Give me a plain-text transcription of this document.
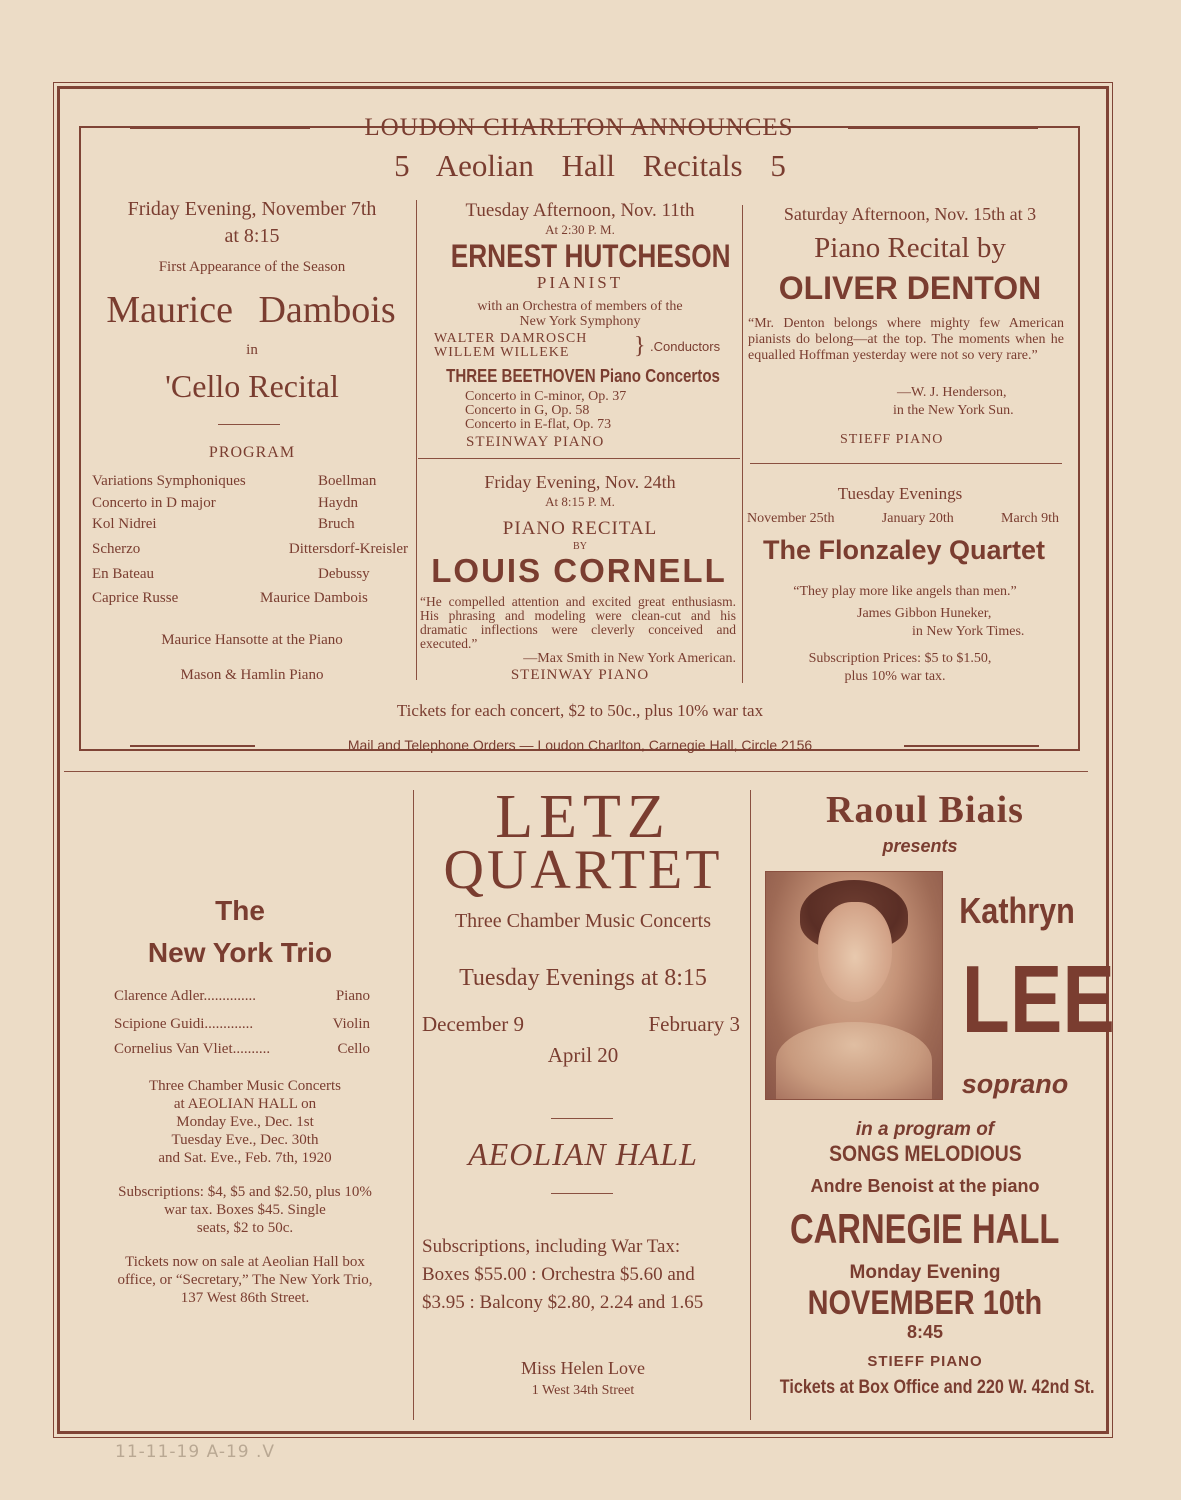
LOUDON CHARLTON ANNOUNCES
5 Aeolian Hall Recitals 5
Friday Evening, November 7th
at 8:15
First Appearance of the Season
Maurice Dambois
in
'Cello Recital
PROGRAM
Variations Symphoniques	Boellman
Concerto in D major	Haydn
Kol Nidrei	Bruch
Scherzo	Dittersdorf-Kreisler
En Bateau	Debussy
Caprice Russe	Maurice Dambois
Maurice Hansotte at the Piano
Mason & Hamlin Piano
Tuesday Afternoon, Nov. 11th
At 2:30 P. M.
ERNEST HUTCHESON
PIANIST
with an Orchestra of members of the
New York Symphony
WALTER DAMROSCH
WILLEM WILLEKE	} .Conductors
THREE BEETHOVEN Piano Concertos
Concerto in C-minor, Op. 37
Concerto in G, Op. 58
Concerto in E-flat, Op. 73
STEINWAY PIANO
Friday Evening, Nov. 24th
At 8:15 P. M.
PIANO RECITAL
BY
LOUIS CORNELL
“He compelled attention and excited great enthusiasm. His phrasing and modeling were clean-cut and his dramatic inflections were cleverly conceived and executed.”
—Max Smith in New York American.
STEINWAY PIANO
Saturday Afternoon, Nov. 15th at 3
Piano Recital by
OLIVER DENTON
“Mr. Denton belongs where mighty few American pianists do belong—at the top. The moments when he equalled Hoffman yesterday were not so very rare.”
—W. J. Henderson,
in the New York Sun.
STIEFF PIANO
Tuesday Evenings
November 25th	January 20th	March 9th
The Flonzaley Quartet
“They play more like angels than men.”
James Gibbon Huneker,
in New York Times.
Subscription Prices: $5 to $1.50,
plus 10% war tax.
Tickets for each concert, $2 to 50c., plus 10% war tax
Mail and Telephone Orders — Loudon Charlton, Carnegie Hall, Circle 2156
The
New York Trio
Clarence Adler..............	Piano
Scipione Guidi.............	Violin
Cornelius Van Vliet..........	Cello
Three Chamber Music Concerts
at AEOLIAN HALL on
Monday Eve., Dec. 1st
Tuesday Eve., Dec. 30th
and Sat. Eve., Feb. 7th, 1920
Subscriptions: $4, $5 and $2.50, plus 10%
war tax. Boxes $45. Single
seats, $2 to 50c.
Tickets now on sale at Aeolian Hall box
office, or “Secretary,” The New York Trio,
137 West 86th Street.
LETZ
QUARTET
Three Chamber Music Concerts
Tuesday Evenings at 8:15
December 9	February 3
April 20
AEOLIAN HALL
Subscriptions, including War Tax:
Boxes $55.00 : Orchestra $5.60 and
$3.95 : Balcony $2.80, 2.24 and 1.65
Miss Helen Love
1 West 34th Street
Raoul Biais
presents
Kathryn
LEE
soprano
in a program of
SONGS MELODIOUS
Andre Benoist at the piano
CARNEGIE HALL
Monday Evening
NOVEMBER 10th
8:45
STIEFF PIANO
Tickets at Box Office and 220 W. 42nd St.
11-11-19 A-19 .V
